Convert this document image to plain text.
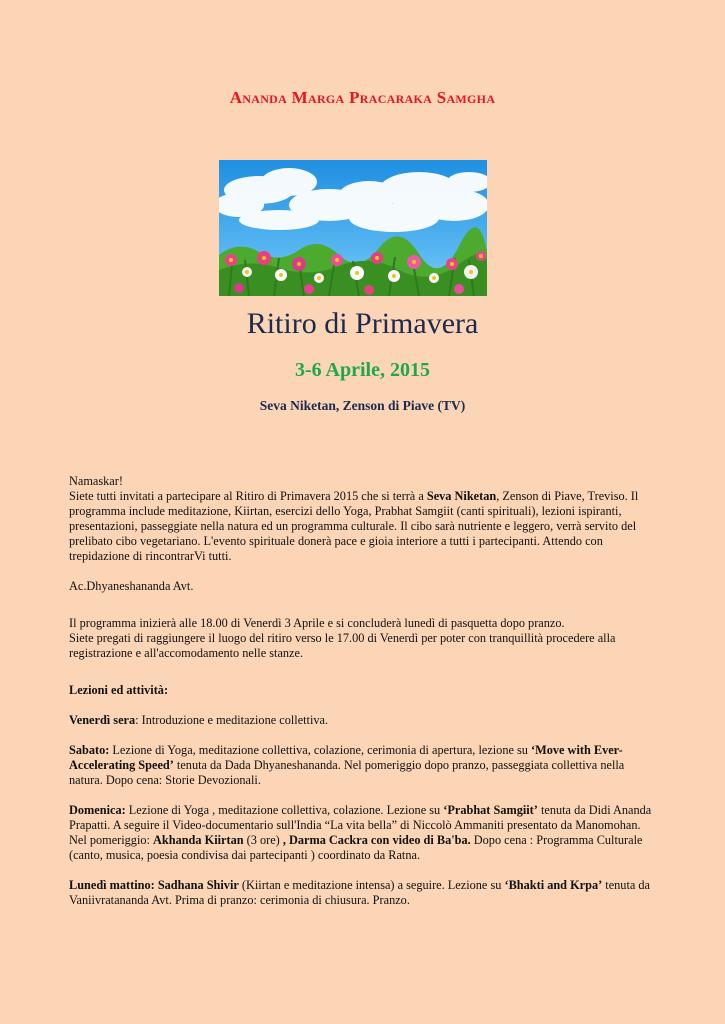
Ananda Marga Pracaraka Samgha
Ritiro di Primavera
3-6 Aprile, 2015
Seva Niketan, Zenson di Piave (TV)

Namaskar!

Siete tutti invitati a partecipare al Ritiro di Primavera 2015 che si terrà a Seva Niketan, Zenson di Piave, Treviso. Il programma include meditazione, Kiirtan, esercizi dello Yoga, Prabhat Samgiit (canti spirituali), lezioni ispiranti, presentazioni, passeggiate nella natura ed un programma culturale. Il cibo sarà nutriente e leggero, verrà servito del prelibato cibo vegetariano. L'evento spirituale donerà pace e gioia interiore a tutti i partecipanti. Attendo con trepidazione di rincontrarVi tutti.

Ac.Dhyaneshananda Avt.

Il programma inizierà alle 18.00 di Venerdì 3 Aprile e si concluderà lunedì di pasquetta dopo pranzo.

Siete pregati di raggiungere il luogo del ritiro verso le 17.00 di Venerdì per poter con tranquillità procedere alla registrazione e all'accomodamento nelle stanze.

Lezioni ed attività:

Venerdì sera: Introduzione e meditazione collettiva.

Sabato: Lezione di Yoga, meditazione collettiva, colazione, cerimonia di apertura, lezione su ‘Move with Ever-Accelerating Speed’ tenuta da Dada Dhyaneshananda. Nel pomeriggio dopo pranzo, passeggiata collettiva nella natura. Dopo cena: Storie Devozionali.

Domenica: Lezione di Yoga , meditazione collettiva, colazione. Lezione su ‘Prabhat Samgiit’ tenuta da Didi Ananda Prapatti. A seguire il Video-documentario sull'India “La vita bella” di Niccolò Ammaniti presentato da Manomohan. Nel pomeriggio: Akhanda Kiirtan (3 ore) , Darma Cackra con video di Ba'ba. Dopo cena : Programma Culturale (canto, musica, poesia condivisa dai partecipanti ) coordinato da Ratna.

Lunedì mattino: Sadhana Shivir (Kiirtan e meditazione intensa) a seguire. Lezione su ‘Bhakti and Krpa’ tenuta da Vaniivratananda Avt. Prima di pranzo: cerimonia di chiusura. Pranzo.
